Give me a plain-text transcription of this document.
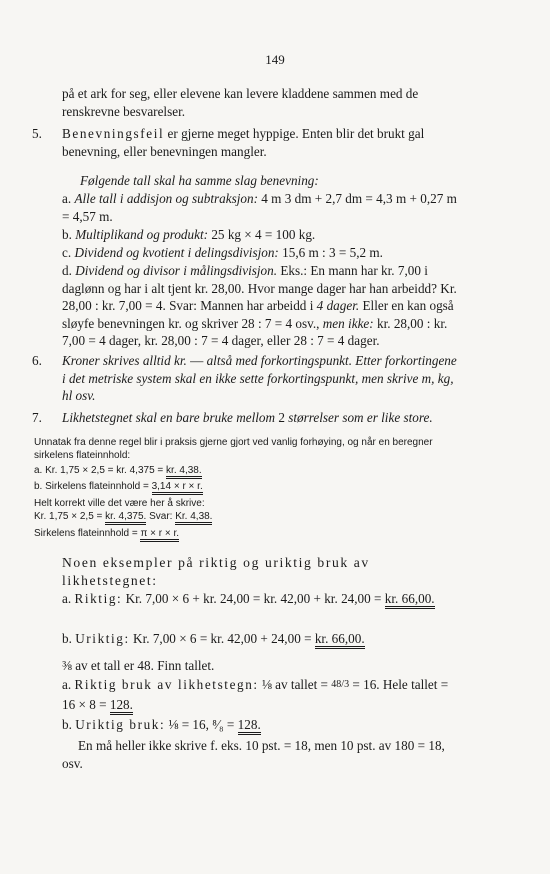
149
på et ark for seg, eller elevene kan levere kladdene sammen med de renskrevne besvarelser.
5. Benevningsfeil er gjerne meget hyppige. Enten blir det brukt gal benevning, eller benevningen mangler.
Følgende tall skal ha samme slag benevning:
a. Alle tall i addisjon og subtraksjon: 4 m 3 dm + 2,7 dm = 4,3 m + 0,27 m = 4,57 m.
b. Multiplikand og produkt: 25 kg × 4 = 100 kg.
c. Dividend og kvotient i delingsdivisjon: 15,6 m : 3 = 5,2 m.
d. Dividend og divisor i målingsdivisjon. Eks.: En mann har kr. 7,00 i daglønn og har i alt tjent kr. 28,00. Hvor mange dager har han arbeidd? Kr. 28,00 : kr. 7,00 = 4. Svar: Mannen har arbeidd i 4 dager. Eller en kan også sløyfe benevningen kr. og skriver 28 : 7 = 4 osv., men ikke: kr. 28,00 : kr. 7,00 = 4 dager, kr. 28,00 : 7 = 4 dager, eller 28 : 7 = 4 dager.
6. Kroner skrives alltid kr. — altså med forkortingspunkt. Etter forkortingene i det metriske system skal en ikke sette forkortingspunkt, men skrive m, kg, hl osv.
7. Likhetstegnet skal en bare bruke mellom 2 størrelser som er like store.
Unnatak fra denne regel blir i praksis gjerne gjort ved vanlig forhøying, og når en beregner sirkelens flateinnhold:
a. Kr. 1,75 × 2,5 = kr. 4,375 = kr. 4,38.
b. Sirkelens flateinnhold = 3,14 × r × r.
Helt korrekt ville det være her å skrive:
Kr. 1,75 × 2,5 = kr. 4,375. Svar: Kr. 4,38.
Sirkelens flateinnhold = π × r × r.
Noen eksempler på riktig og uriktig bruk av likhetstegnet:
a. Riktig: Kr. 7,00 × 6 + kr. 24,00 = kr. 42,00 + kr. 24,00 = kr. 66,00.
b. Uriktig: Kr. 7,00 × 6 = kr. 42,00 + 24,00 = kr. 66,00.
⅜ av et tall er 48. Finn tallet.
a. Riktig bruk av likhetstegn: ⅛ av tallet = 48/3 = 16. Hele tallet = 16 × 8 = 128.
b. Uriktig bruk: ⅛ = 16, ⁸⁄₈ = 128.
En må heller ikke skrive f. eks. 10 pst. = 18, men 10 pst. av 180 = 18, osv.
